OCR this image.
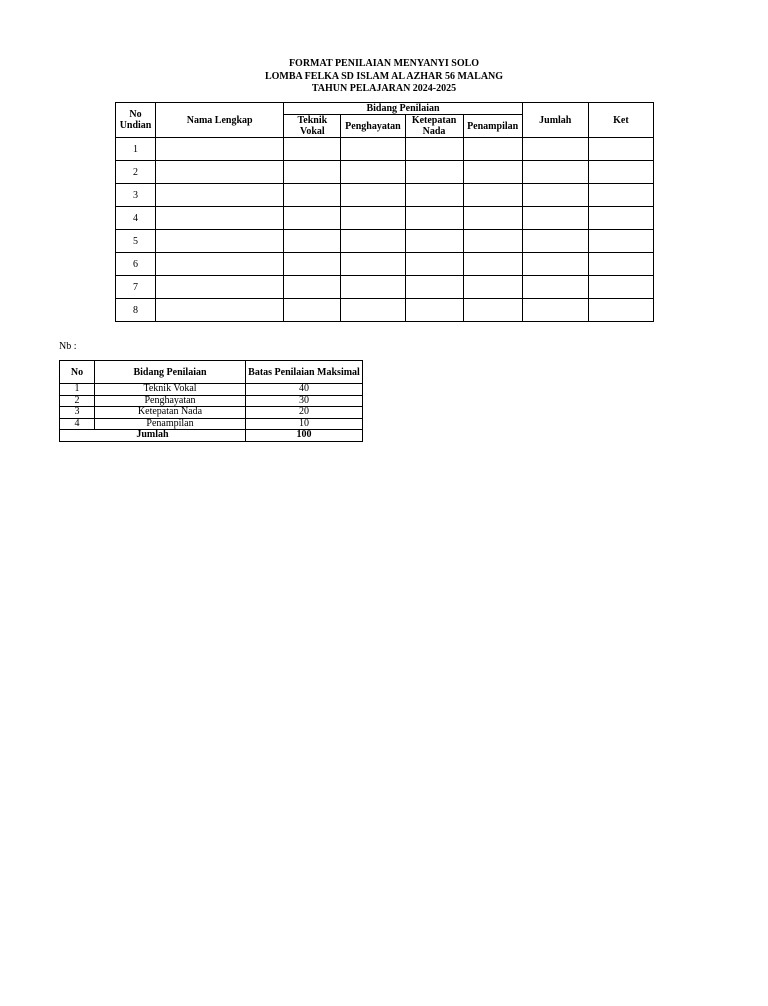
FORMAT PENILAIAN MENYANYI SOLO
LOMBA FELKA SD ISLAM AL AZHAR 56 MALANG
TAHUN PELAJARAN 2024-2025
No Undian	Nama Lengkap	Bidang Penilaian				Jumlah	Ket
		Teknik Vokal	Penghayatan	Ketepatan Nada	Penampilan		
1							
2							
3							
4							
5							
6							
7							
8							
Nb :
No	Bidang Penilaian	Batas Penilaian Maksimal
1	Teknik Vokal	40
2	Penghayatan	30
3	Ketepatan Nada	20
4	Penampilan	10
Jumlah		100
